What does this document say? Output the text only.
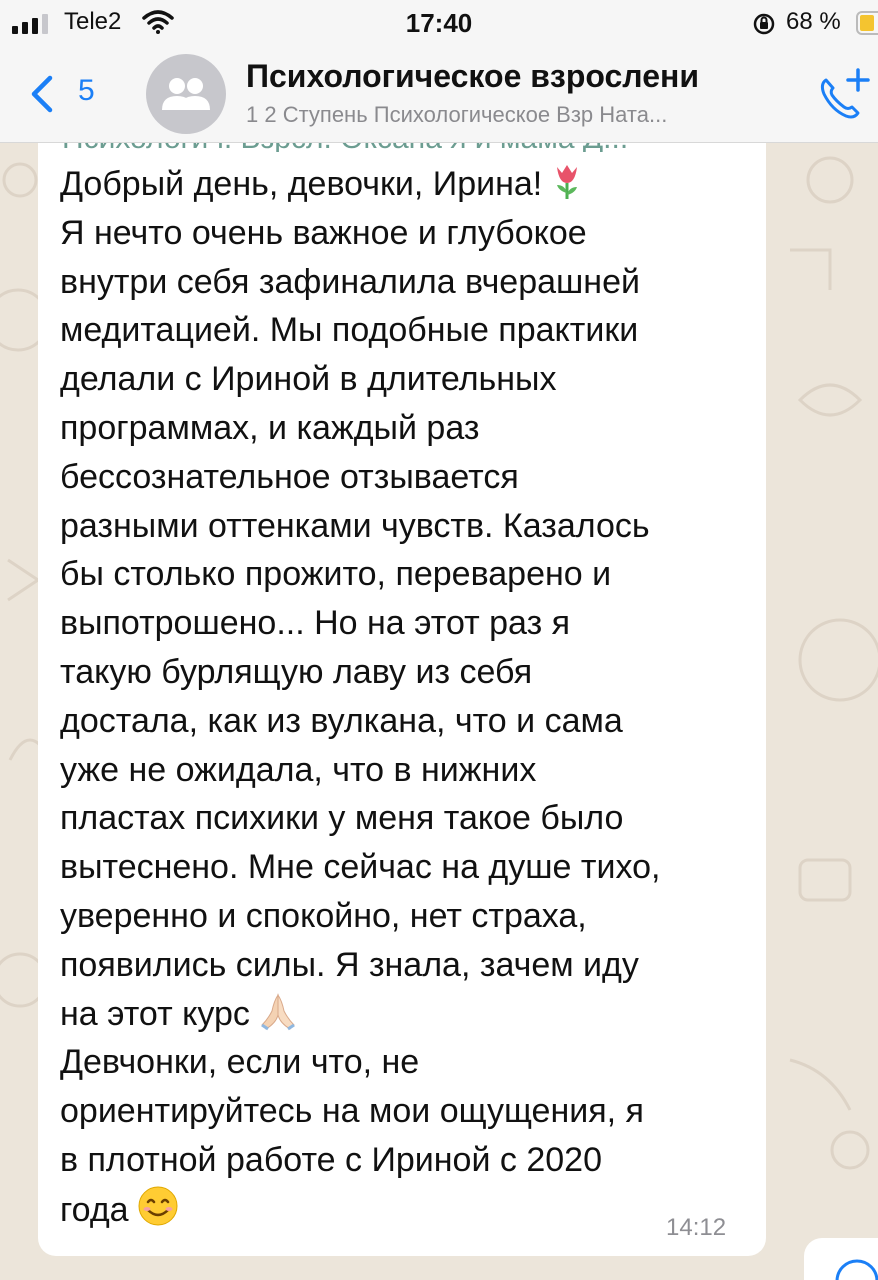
Tele2	17:40	68 %
5	Психологическое взрослени
1 2 Ступень Психологическое Взр Ната...
Добрый день, девочки, Ирина!
Я нечто очень важное и глубокое
внутри себя зафиналила вчерашней
медитацией. Мы подобные практики
делали с Ириной в длительных
программах, и каждый раз
бессознательное отзывается
разными оттенками чувств. Казалось
бы столько прожито, переварено и
выпотрошено... Но на этот раз я
такую бурлящую лаву из себя
достала, как из вулкана, что и сама
уже не ожидала, что в нижних
пластах психики у меня такое было
вытеснено. Мне сейчас на душе тихо,
уверенно и спокойно, нет страха,
появились силы. Я знала, зачем иду
на этот курс
Девчонки, если что, не
ориентируйтесь на мои ощущения, я
в плотной работе с Ириной с 2020
года	14:12
